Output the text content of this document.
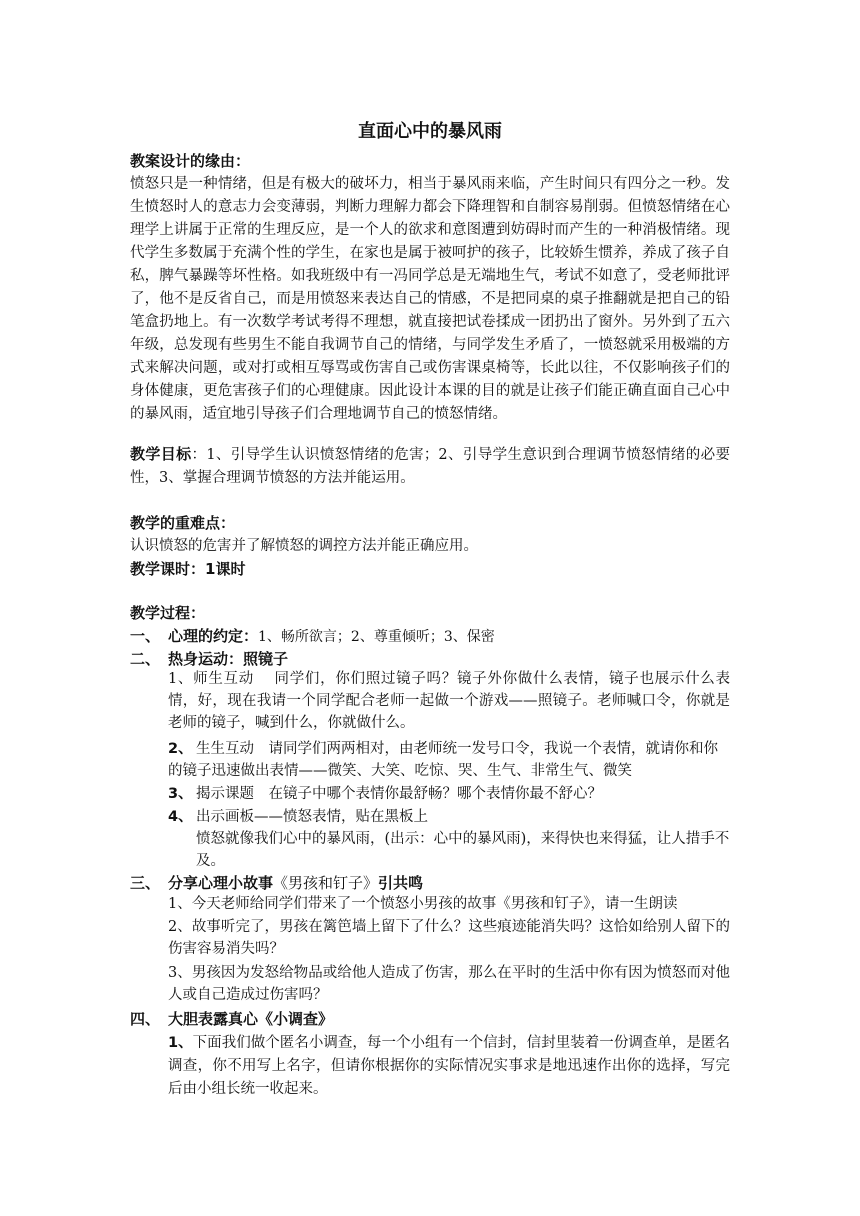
直面心中的暴风雨
教案设计的缘由：
愤怒只是一种情绪，但是有极大的破坏力，相当于暴风雨来临，产生时间只有四分之一秒。发生愤怒时人的意志力会变薄弱，判断力理解力都会下降理智和自制容易削弱。但愤怒情绪在心理学上讲属于正常的生理反应，是一个人的欲求和意图遭到妨碍时而产生的一种消极情绪。现代学生多数属于充满个性的学生，在家也是属于被呵护的孩子，比较娇生惯养，养成了孩子自私，脾气暴躁等坏性格。如我班级中有一冯同学总是无端地生气，考试不如意了，受老师批评了，他不是反省自己，而是用愤怒来表达自己的情感，不是把同桌的桌子推翻就是把自己的铅笔盒扔地上。有一次数学考试考得不理想，就直接把试卷揉成一团扔出了窗外。另外到了五六年级，总发现有些男生不能自我调节自己的情绪，与同学发生矛盾了，一愤怒就采用极端的方式来解决问题，或对打或相互辱骂或伤害自己或伤害课桌椅等，长此以往，不仅影响孩子们的身体健康，更危害孩子们的心理健康。因此设计本课的目的就是让孩子们能正确直面自己心中的暴风雨，适宜地引导孩子们合理地调节自己的愤怒情绪。
教学目标：1、引导学生认识愤怒情绪的危害；2、引导学生意识到合理调节愤怒情绪的必要性，3、掌握合理调节愤怒的方法并能运用。
教学的重难点：
认识愤怒的危害并了解愤怒的调控方法并能正确应用。
教学课时：1课时
教学过程：
一、 心理的约定：1、畅所欲言；2、尊重倾听；3、保密
二、 热身运动：照镜子
1、师生互动　 同学们，你们照过镜子吗？镜子外你做什么表情，镜子也展示什么表情，好，现在我请一个同学配合老师一起做一个游戏——照镜子。老师喊口令，你就是老师的镜子，喊到什么，你就做什么。
2、 生生互动　请同学们两两相对，由老师统一发号口令，我说一个表情，就请你和你的镜子迅速做出表情——微笑、大笑、吃惊、哭、生气、非常生气、微笑
3、 揭示课题　在镜子中哪个表情你最舒畅？哪个表情你最不舒心？
4、 出示画板——愤怒表情，贴在黑板上
愤怒就像我们心中的暴风雨，(出示：心中的暴风雨)，来得快也来得猛，让人措手不及。
三、 分享心理小故事《男孩和钉子》引共鸣
1、今天老师给同学们带来了一个愤怒小男孩的故事《男孩和钉子》，请一生朗读
2、故事听完了，男孩在篱笆墙上留下了什么？这些痕迹能消失吗？这恰如给别人留下的伤害容易消失吗？
3、男孩因为发怒给物品或给他人造成了伤害，那么在平时的生活中你有因为愤怒而对他人或自己造成过伤害吗？
四、 大胆表露真心《小调查》
1、下面我们做个匿名小调查，每一个小组有一个信封，信封里装着一份调查单，是匿名调查，你不用写上名字，但请你根据你的实际情况实事求是地迅速作出你的选择，写完后由小组长统一收起来。
